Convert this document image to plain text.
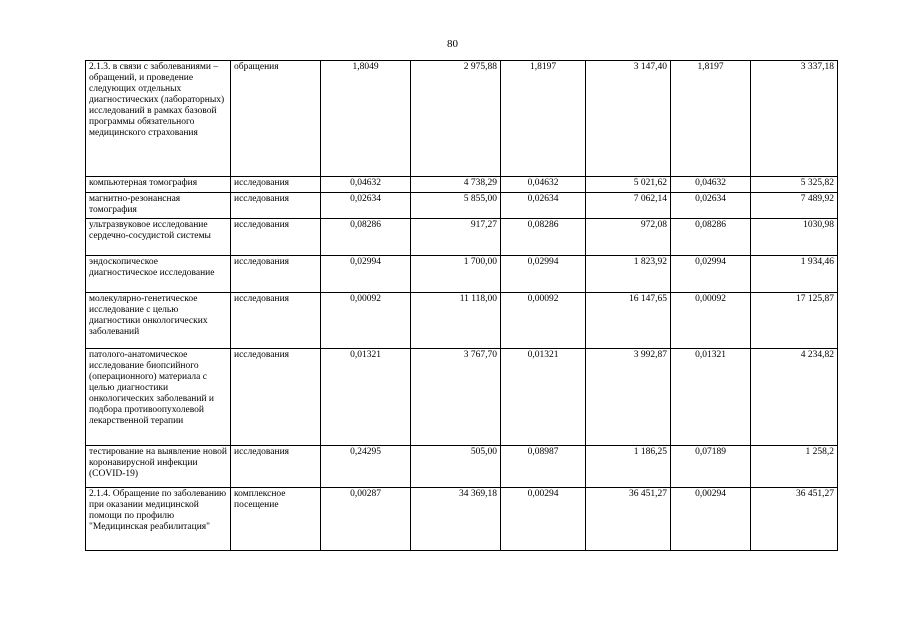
80
2.1.3. в связи с заболеваниями – обращений, и проведение следующих отдельных диагностических (лабораторных) исследований в рамках базовой программы обязательного медицинского страхования	обращения	1,8049	2 975,88	1,8197	3 147,40	1,8197	3 337,18
компьютерная томография	исследования	0,04632	4 738,29	0,04632	5 021,62	0,04632	5 325,82
магнитно-резонансная томография	исследования	0,02634	5 855,00	0,02634	7 062,14	0,02634	7 489,92
ультразвуковое исследование сердечно-сосудистой системы	исследования	0,08286	917,27	0,08286	972,08	0,08286	1030,98
эндоскопическое диагностическое исследование	исследования	0,02994	1 700,00	0,02994	1 823,92	0,02994	1 934,46
молекулярно-генетическое исследование с целью диагностики онкологических заболеваний	исследования	0,00092	11 118,00	0,00092	16 147,65	0,00092	17 125,87
патолого-анатомическое исследование биопсийного (операционного) материала с целью диагностики онкологических заболеваний и подбора противоопухолевой лекарственной терапии	исследования	0,01321	3 767,70	0,01321	3 992,87	0,01321	4 234,82
тестирование на выявление новой коронавирусной инфекции (COVID-19)	исследования	0,24295	505,00	0,08987	1 186,25	0,07189	1 258,2
2.1.4. Обращение по заболеванию при оказании медицинской помощи по профилю "Медицинская реабилитация"	комплексное посещение	0,00287	34 369,18	0,00294	36 451,27	0,00294	36 451,27
